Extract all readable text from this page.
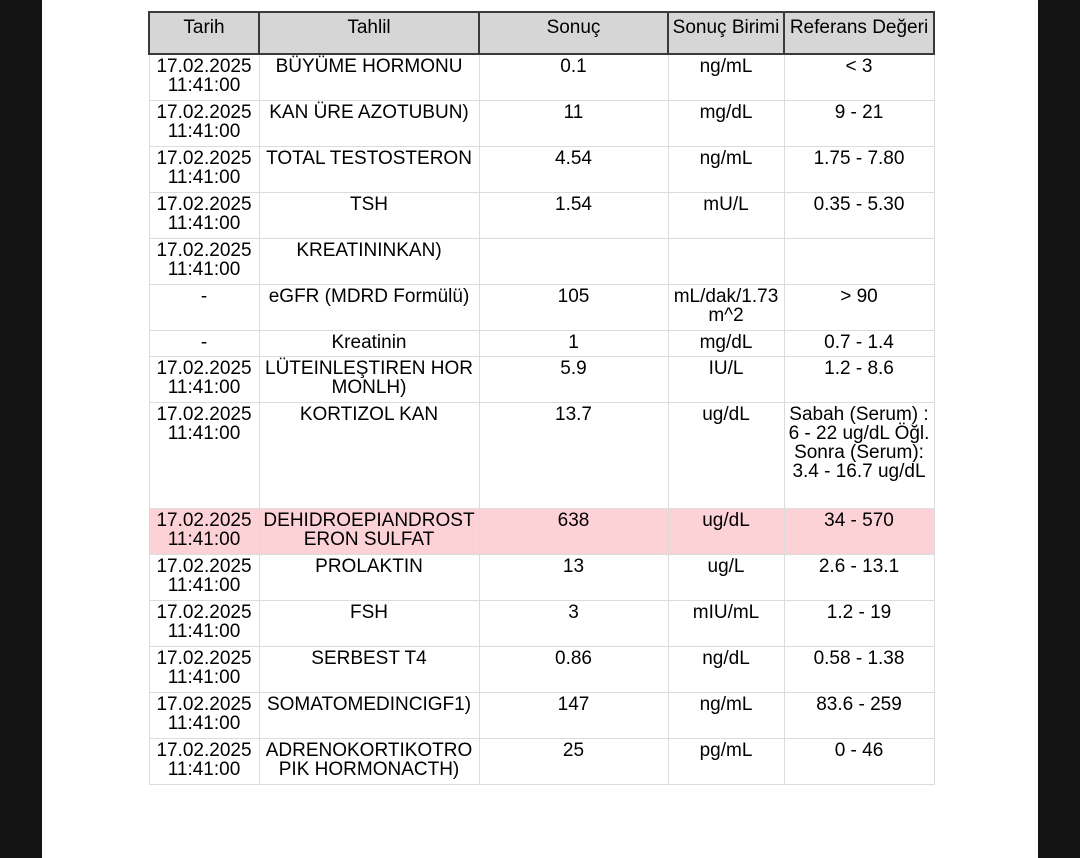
Tarih	Tahlil	Sonuç	Sonuç Birimi	Referans Değeri
17.02.2025 11:41:00	BÜYÜME HORMONU	0.1	ng/mL	< 3
17.02.2025 11:41:00	KAN ÜRE AZOTUBUN)	11	mg/dL	9 - 21
17.02.2025 11:41:00	TOTAL TESTOSTERON	4.54	ng/mL	1.75 - 7.80
17.02.2025 11:41:00	TSH	1.54	mU/L	0.35 - 5.30
17.02.2025 11:41:00	KREATININKAN)			
-	eGFR (MDRD Formülü)	105	mL/dak/1.73 m^2	> 90
-	Kreatinin	1	mg/dL	0.7 - 1.4
17.02.2025 11:41:00	LÜTEINLEŞTIREN HORMONLH)	5.9	IU/L	1.2 - 8.6
17.02.2025 11:41:00	KORTIZOL KAN	13.7	ug/dL	Sabah (Serum) : 6 - 22 ug/dL Öğl.Sonra (Serum): 3.4 - 16.7 ug/dL
17.02.2025 11:41:00	DEHIDROEPIANDROSTERON SULFAT	638	ug/dL	34 - 570
17.02.2025 11:41:00	PROLAKTIN	13	ug/L	2.6 - 13.1
17.02.2025 11:41:00	FSH	3	mIU/mL	1.2 - 19
17.02.2025 11:41:00	SERBEST T4	0.86	ng/dL	0.58 - 1.38
17.02.2025 11:41:00	SOMATOMEDINCIGF1)	147	ng/mL	83.6 - 259
17.02.2025 11:41:00	ADRENOKORTIKOTROPIK HORMONACTH)	25	pg/mL	0 - 46
